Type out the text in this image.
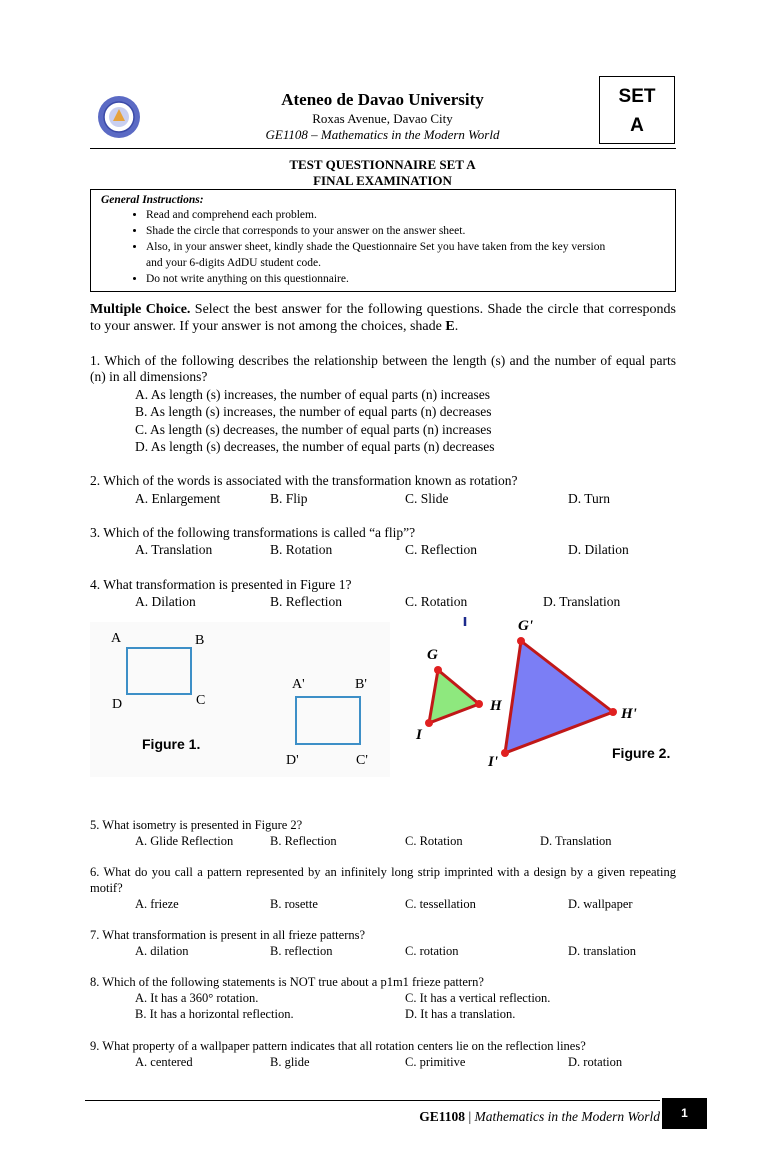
Ateneo de Davao University
Roxas Avenue, Davao City
GE1108 – Mathematics in the Modern World
SET
A
TEST QUESTIONNAIRE SET A
FINAL EXAMINATION
General Instructions:
• Read and comprehend each problem.
• Shade the circle that corresponds to your answer on the answer sheet.
• Also, in your answer sheet, kindly shade the Questionnaire Set you have taken from the key version
and your 6-digits AdDU student code.
• Do not write anything on this questionnaire.
Multiple Choice. Select the best answer for the following questions. Shade the circle that corresponds to your answer. If your answer is not among the choices, shade E.
1. Which of the following describes the relationship between the length (s) and the number of equal parts (n) in all dimensions?
A. As length (s) increases, the number of equal parts (n) increases
B. As length (s) increases, the number of equal parts (n) decreases
C. As length (s) decreases, the number of equal parts (n) increases
D. As length (s) decreases, the number of equal parts (n) decreases
2. Which of the words is associated with the transformation known as rotation?
A. Enlargement	B. Flip	C. Slide	D. Turn
3. Which of the following transformations is called “a flip”?
A. Translation	B. Rotation	C. Reflection	D. Dilation
4. What transformation is presented in Figure 1?
A. Dilation	B. Reflection	C. Rotation	D. Translation
A	B
C
D
A'	B'
C'
D'
Figure 1.
G
H
I
G'
H'
I'
Figure 2.
5. What isometry is presented in Figure 2?
A. Glide Reflection	B. Reflection	C. Rotation	D. Translation
6. What do you call a pattern represented by an infinitely long strip imprinted with a design by a given repeating motif?
A. frieze	B. rosette	C. tessellation	D. wallpaper
7. What transformation is present in all frieze patterns?
A. dilation	B. reflection	C. rotation	D. translation
8. Which of the following statements is NOT true about a p1m1 frieze pattern?
A. It has a 360° rotation.	C. It has a vertical reflection.
B. It has a horizontal reflection.	D. It has a translation.
9. What property of a wallpaper pattern indicates that all rotation centers lie on the reflection lines?
A. centered	B. glide	C. primitive	D. rotation
GE1108 | Mathematics in the Modern World	1
